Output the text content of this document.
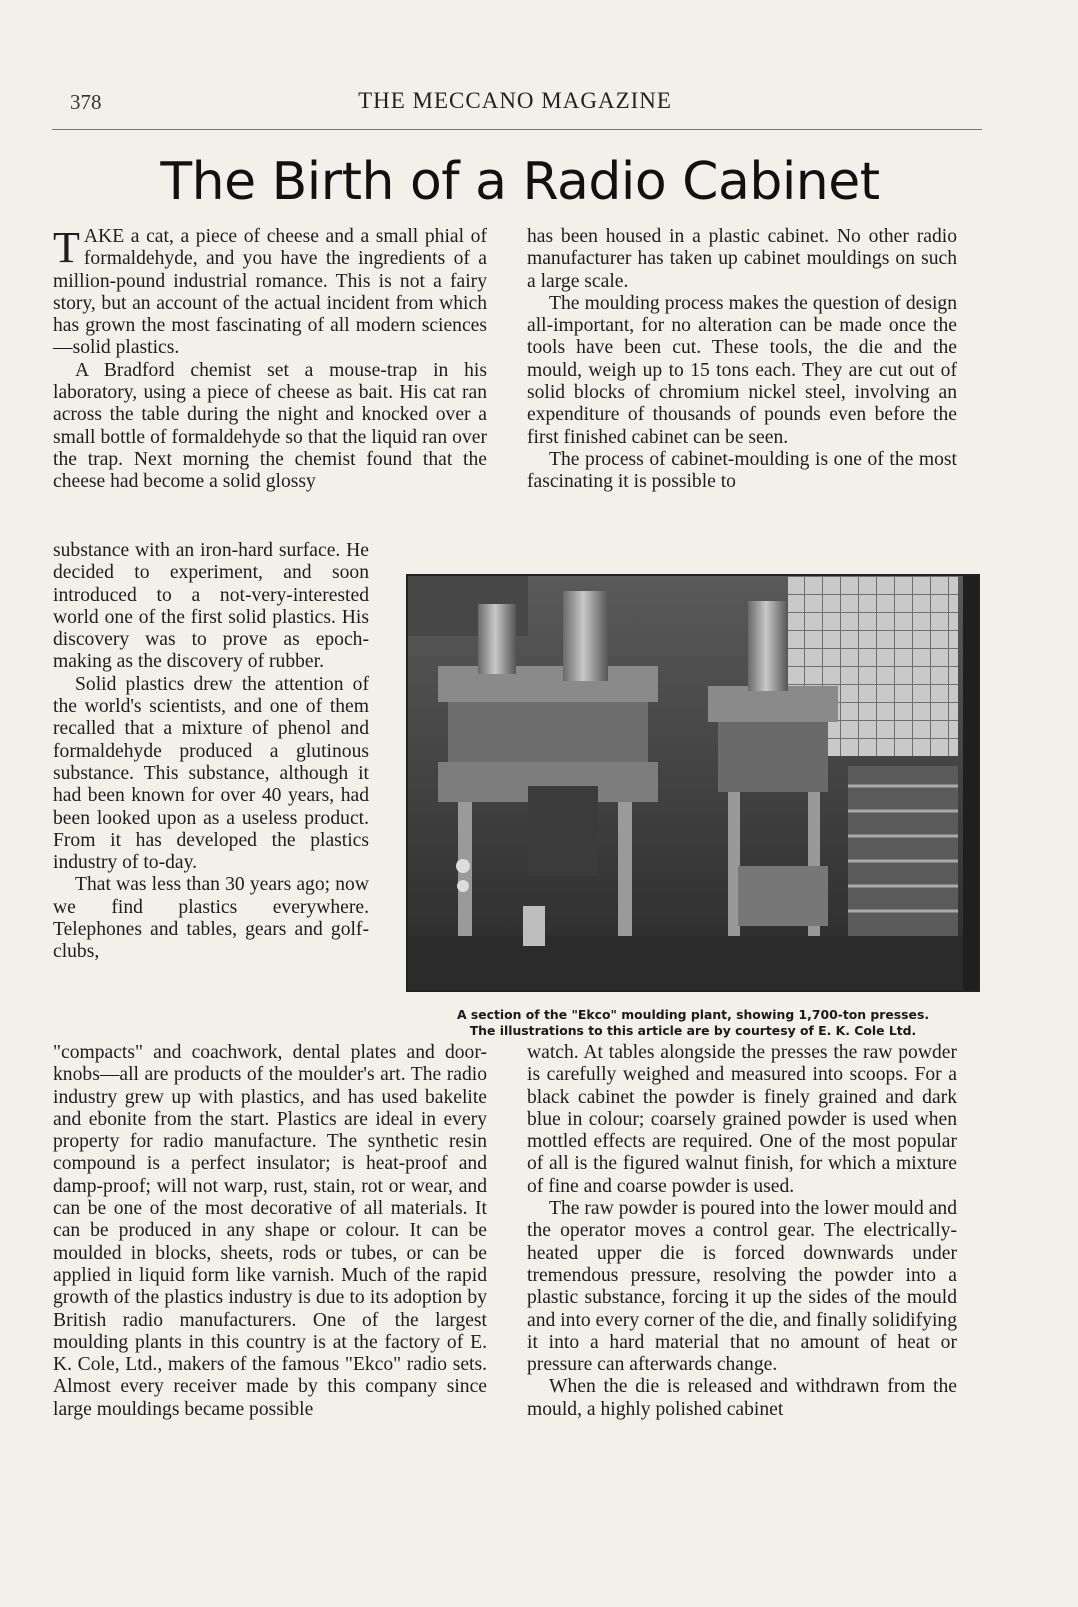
378	THE MECCANO MAGAZINE
The Birth of a Radio Cabinet

TAKE a cat, a piece of cheese and a small phial of formaldehyde, and you have the ingredients of a million-pound industrial romance. This is not a fairy story, but an account of the actual incident from which has grown the most fascinating of all modern sciences—solid plastics.

A Bradford chemist set a mouse-trap in his laboratory, using a piece of cheese as bait. His cat ran across the table during the night and knocked over a small bottle of formaldehyde so that the liquid ran over the trap. Next morning the chemist found that the cheese had become a solid glossy

substance with an iron-hard surface. He decided to experiment, and soon introduced to a not-very-interested world one of the first solid plastics. His discovery was to prove as epoch-making as the discovery of rubber.

Solid plastics drew the attention of the world's scientists, and one of them recalled that a mixture of phenol and formaldehyde produced a glutinous substance. This substance, although it had been known for over 40 years, had been looked upon as a useless product. From it has developed the plastics industry of to-day.

That was less than 30 years ago; now we find plastics everywhere. Telephones and tables, gears and golf-clubs,

"compacts" and coachwork, dental plates and door-knobs—all are products of the moulder's art. The radio industry grew up with plastics, and has used bakelite and ebonite from the start. Plastics are ideal in every property for radio manufacture. The synthetic resin compound is a perfect insulator; is heat-proof and damp-proof; will not warp, rust, stain, rot or wear, and can be one of the most decorative of all materials. It can be produced in any shape or colour. It can be moulded in blocks, sheets, rods or tubes, or can be applied in liquid form like varnish. Much of the rapid growth of the plastics industry is due to its adoption by British radio manufacturers. One of the largest moulding plants in this country is at the factory of E. K. Cole, Ltd., makers of the famous "Ekco" radio sets. Almost every receiver made by this company since large mouldings became possible

has been housed in a plastic cabinet. No other radio manufacturer has taken up cabinet mouldings on such a large scale.

The moulding process makes the question of design all-important, for no alteration can be made once the tools have been cut. These tools, the die and the mould, weigh up to 15 tons each. They are cut out of solid blocks of chromium nickel steel, involving an expenditure of thousands of pounds even before the first finished cabinet can be seen.

The process of cabinet-moulding is one of the most fascinating it is possible to

watch. At tables alongside the presses the raw powder is carefully weighed and measured into scoops. For a black cabinet the powder is finely grained and dark blue in colour; coarsely grained powder is used when mottled effects are required. One of the most popular of all is the figured walnut finish, for which a mixture of fine and coarse powder is used.

The raw powder is poured into the lower mould and the operator moves a control gear. The electrically-heated upper die is forced downwards under tremendous pressure, resolving the powder into a plastic substance, forcing it up the sides of the mould and into every corner of the die, and finally solidifying it into a hard material that no amount of heat or pressure can afterwards change.

When the die is released and withdrawn from the mould, a highly polished cabinet

A section of the "Ekco" moulding plant, showing 1,700-ton presses.
The illustrations to this article are by courtesy of E. K. Cole Ltd.
